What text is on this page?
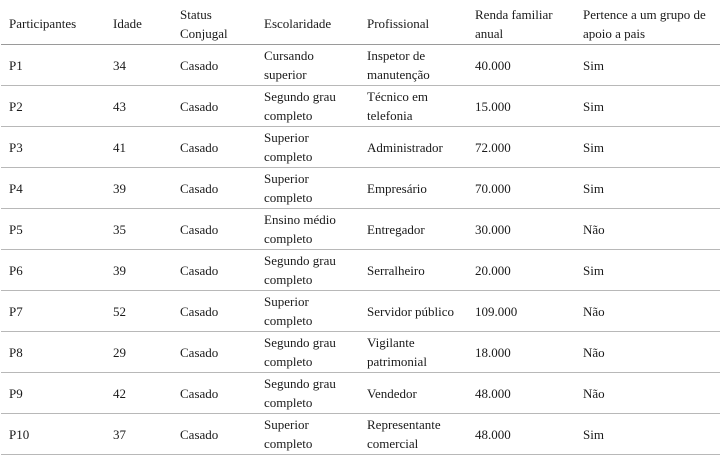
Participantes	Idade	Status Conjugal	Escolaridade	Profissional	Renda familiar anual	Pertence a um grupo de apoio a pais
P1	34	Casado	Cursando superior	Inspetor de manutenção	40.000	Sim
P2	43	Casado	Segundo grau completo	Técnico em telefonia	15.000	Sim
P3	41	Casado	Superior completo	Administrador	72.000	Sim
P4	39	Casado	Superior completo	Empresário	70.000	Sim
P5	35	Casado	Ensino médio completo	Entregador	30.000	Não
P6	39	Casado	Segundo grau completo	Serralheiro	20.000	Sim
P7	52	Casado	Superior completo	Servidor público	109.000	Não
P8	29	Casado	Segundo grau completo	Vigilante patrimonial	18.000	Não
P9	42	Casado	Segundo grau completo	Vendedor	48.000	Não
P10	37	Casado	Superior completo	Representante comercial	48.000	Sim
